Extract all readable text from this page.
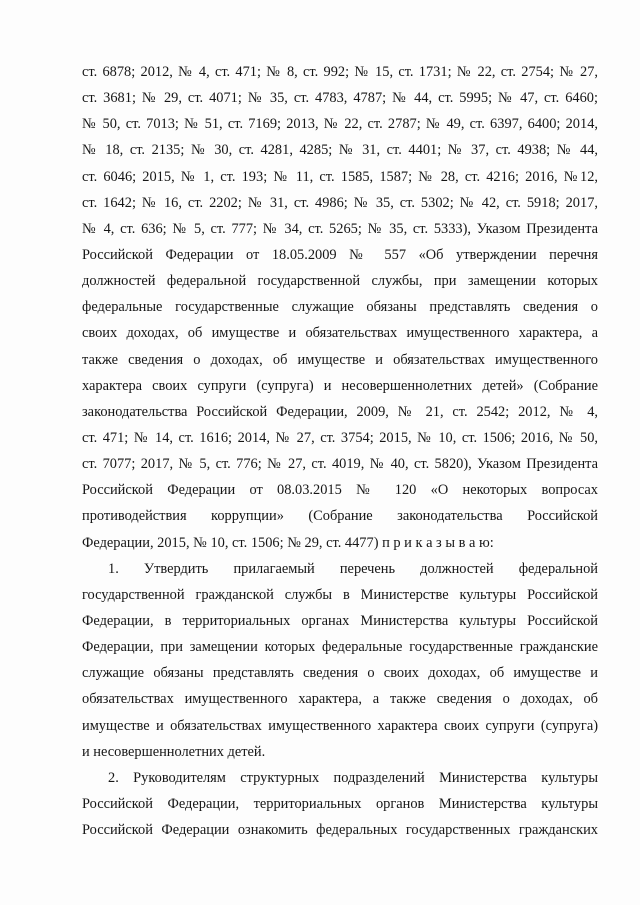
ст. 6878; 2012, № 4, ст. 471; № 8, ст. 992; № 15, ст. 1731; № 22, ст. 2754; № 27,
ст. 3681; № 29, ст. 4071; № 35, ст. 4783, 4787; № 44, ст. 5995; № 47, ст. 6460;
№ 50, ст. 7013; № 51, ст. 7169; 2013, № 22, ст. 2787; № 49, ст. 6397, 6400; 2014,
№ 18, ст. 2135; № 30, ст. 4281, 4285; № 31, ст. 4401; № 37, ст. 4938; № 44,
ст. 6046; 2015, № 1, ст. 193; № 11, ст. 1585, 1587; № 28, ст. 4216; 2016, №12,
ст. 1642; № 16, ст. 2202; № 31, ст. 4986; № 35, ст. 5302; № 42, ст. 5918; 2017,
№ 4, ст. 636; № 5, ст. 777; № 34, ст. 5265; № 35, ст. 5333), Указом Президента
Российской Федерации от 18.05.2009 № 557 «Об утверждении перечня
должностей федеральной государственной службы, при замещении которых
федеральные государственные служащие обязаны представлять сведения о
своих доходах, об имуществе и обязательствах имущественного характера, а
также сведения о доходах, об имуществе и обязательствах имущественного
характера своих супруги (супруга) и несовершеннолетних детей» (Собрание
законодательства Российской Федерации, 2009, № 21, ст. 2542; 2012, № 4,
ст. 471; № 14, ст. 1616; 2014, № 27, ст. 3754; 2015, № 10, ст. 1506; 2016, № 50,
ст. 7077; 2017, № 5, ст. 776; № 27, ст. 4019, № 40, ст. 5820), Указом Президента
Российской Федерации от 08.03.2015 № 120 «О некоторых вопросах
противодействия коррупции» (Собрание законодательства Российской
Федерации, 2015, № 10, ст. 1506; № 29, ст. 4477) п р и к а з ы в а ю:
1. Утвердить прилагаемый перечень должностей федеральной
государственной гражданской службы в Министерстве культуры Российской
Федерации, в территориальных органах Министерства культуры Российской
Федерации, при замещении которых федеральные государственные гражданские
служащие обязаны представлять сведения о своих доходах, об имуществе и
обязательствах имущественного характера, а также сведения о доходах, об
имуществе и обязательствах имущественного характера своих супруги (супруга)
и несовершеннолетних детей.
2. Руководителям структурных подразделений Министерства культуры
Российской Федерации, территориальных органов Министерства культуры
Российской Федерации ознакомить федеральных государственных гражданских
